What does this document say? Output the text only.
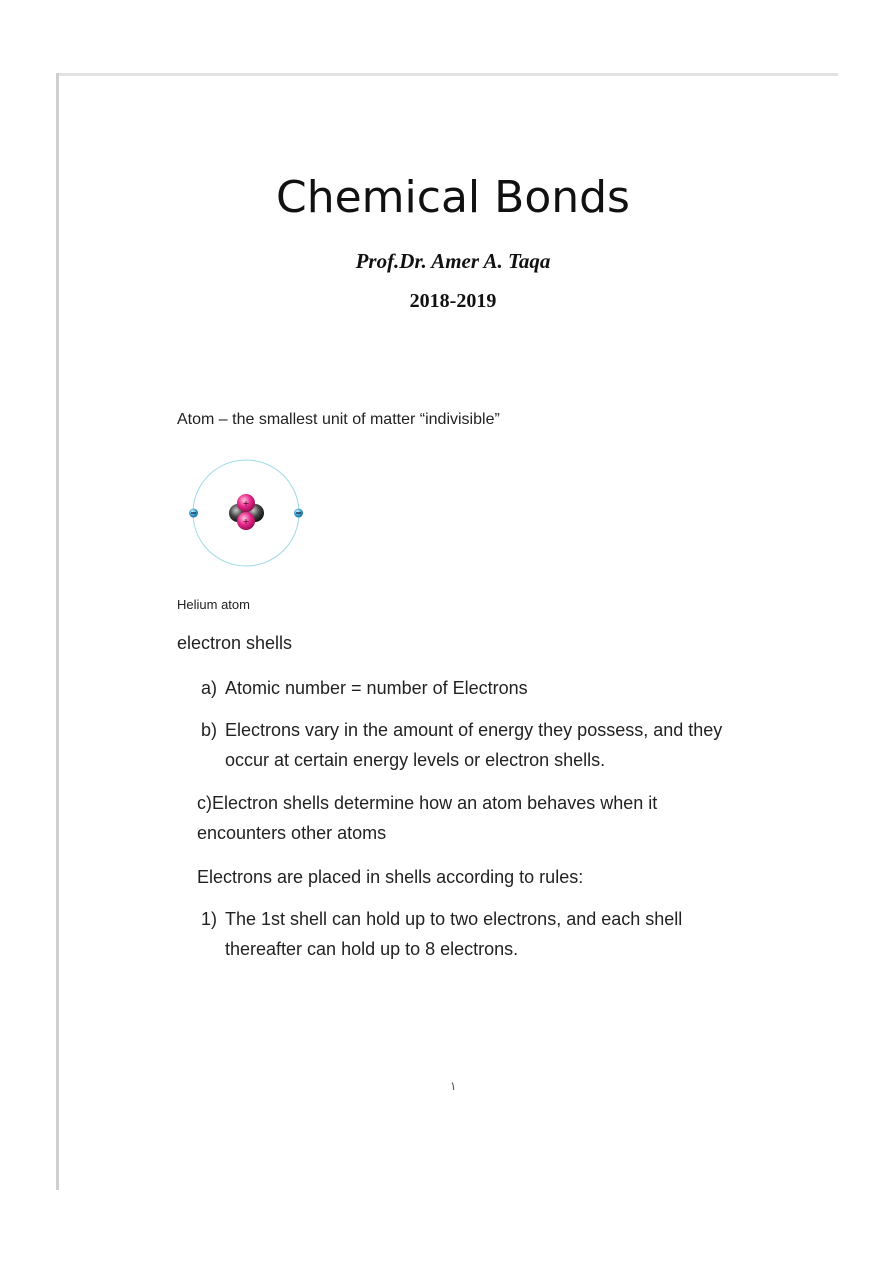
Chemical Bonds
Prof.Dr. Amer A. Taqa
2018-2019
Atom – the smallest unit of matter “indivisible”
+
+
Helium atom
electron shells
a) Atomic number = number of Electrons
b) Electrons vary in the amount of energy they possess, and they occur at certain energy levels or electron shells.
c)Electron shells determine how an atom behaves when it encounters other atoms
Electrons are placed in shells according to rules:
1) The 1st shell can hold up to two electrons, and each shell thereafter can hold up to 8 electrons.
١
